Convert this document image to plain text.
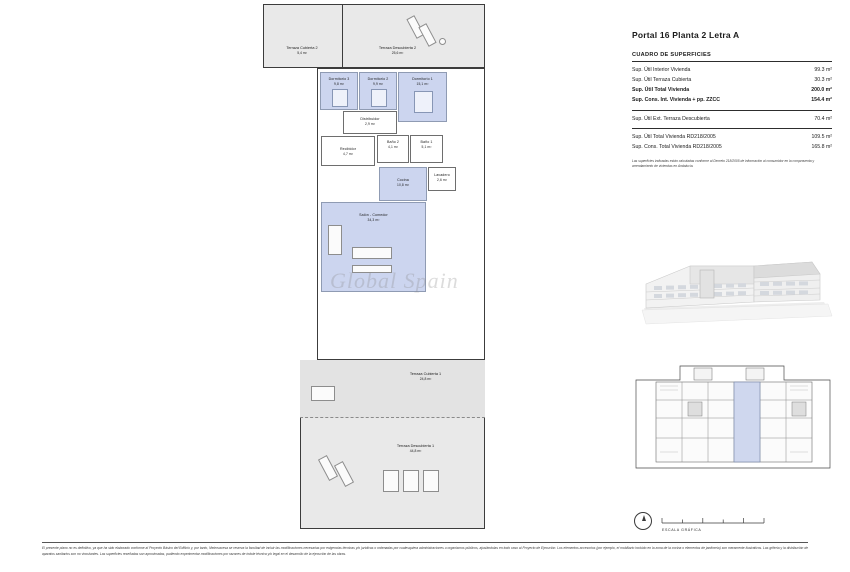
Terraza Cubierta 2
5,4 m²
Terraza Descubierta 2
25,6 m²
Dormitorio 3
9,8 m²
Dormitorio 2
9,9 m²
Dormitorio 1
15,1 m²
Distribuidor
2,9 m²
Baño 2
4,1 m²
Baño 1
5,1 m²
Recibidor
4,7 m²
Cocina
10,8 m²
Lavadero
2,6 m²
Salón - Comedor
34,3 m²
Terraza Cubierta 1
24,8 m²
Terraza Descubierta 1
44,8 m²
Global Spain
Portal 16 Planta 2 Letra A
CUADRO DE SUPERFICIES
Sup. Útil Interior Vivienda	99.3 m²
Sup. Útil Terraza Cubierta	30.3 m²
Sup. Útil Total Vivienda	200.0 m²
Sup. Cons. Int. Vivienda + pp. ZZCC	154.4 m²
Sup. Útil Ext. Terraza Descubierta	70.4 m²
Sup. Útil Total Vivienda RD218/2005	109.5 m²
Sup. Cons. Total Vivienda RD218/2005	165.8 m²
Las superficies indicadas están calculadas conforme al Decreto 218/2005 de información al consumidor en la compraventa y arrendamiento de viviendas en Andalucía.
ESCALA GRÁFICA
El presente plano no es definitivo, ya que ha sido elaborado conforme al Proyecto Básico del Edificio y, por tanto, Metrovacesa se reserva la facultad de incluir las modificaciones necesarias por exigencias técnicas y/o jurídicas o ordenadas por cualesquiera administraciones u organismos públicos, ajustándolas en todo caso al Proyecto de Ejecución. Los elementos accesorios (por ejemplo, el mobiliario incluido en la zona de la cocina o elementos de jardinería) son meramente ilustrativos. Las grifería y la distribución de aparatos sanitarios son no vinculantes. Las superficies reseñadas son aproximadas, pudiendo experimentar modificaciones por razones de índole técnica y/o legal en el desarrollo de la ejecución de las obras.
